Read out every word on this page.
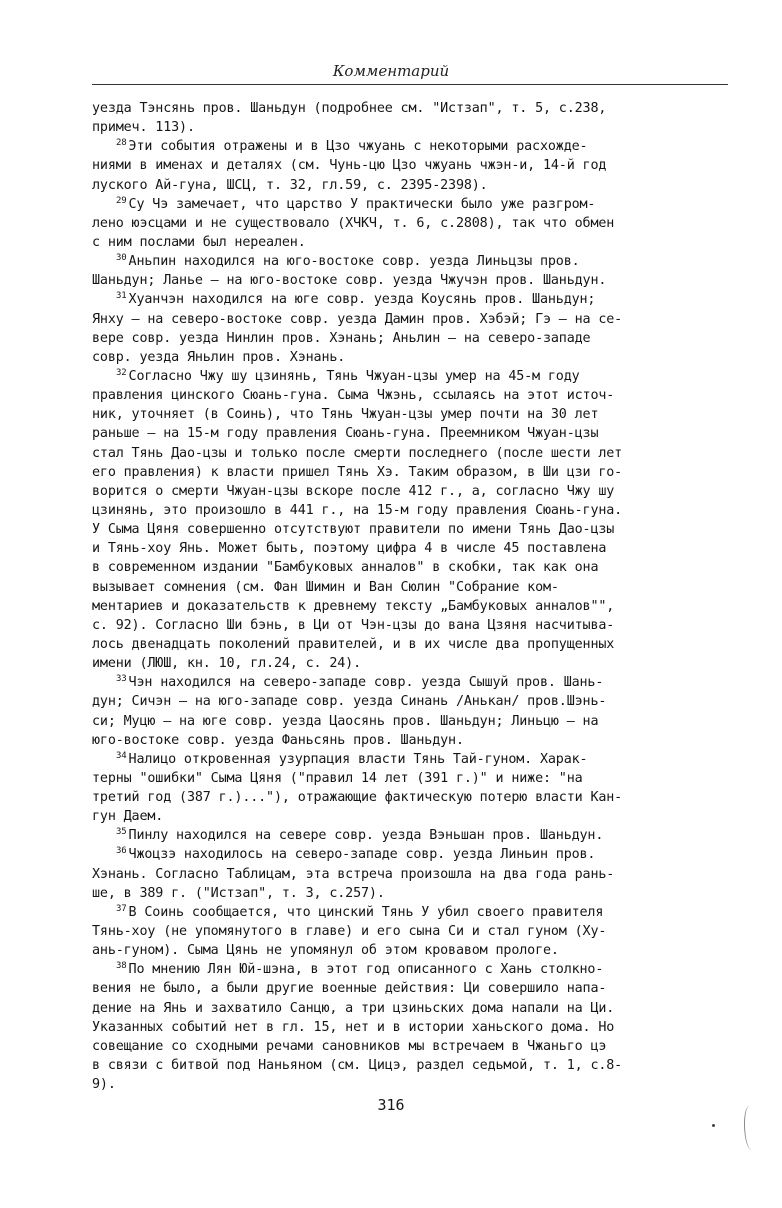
Комментарий
уезда Тэнсянь пров. Шаньдун (подробнее см. "Истзап", т. 5, с.238,
примеч. 113).
$^{28}$ Эти события отражены и в Цзо чжуань с некоторыми расхожде-
ниями в именах и деталях (см. Чунь-цю Цзо чжуань чжэн-и, 14-й год
луского Ай-гуна, ШСЦ, т. 32, гл.59, с. 2395-2398).
$^{29}$ Су Чэ замечает, что царство У практически было уже разгром-
лено юэсцами и не существовало (ХЧКЧ, т. 6, с.2808), так что обмен
с ним послами был нереален.
$^{30}$ Аньпин находился на юго-востоке совр. уезда Линьцзы пров.
Шаньдун; Ланье — на юго-востоке совр. уезда Чжучэн пров. Шаньдун.
$^{31}$ Хуанчэн находился на юге совр. уезда Коусянь пров. Шаньдун;
Янху — на северо-востоке совр. уезда Дамин пров. Хэбэй; Гэ — на се-
вере совр. уезда Нинлин пров. Хэнань; Аньлин — на северо-западе
совр. уезда Яньлин пров. Хэнань.
$^{32}$ Согласно Чжу шу цзинянь, Тянь Чжуан-цзы умер на 45-м году
правления цинского Сюань-гуна. Сыма Чжэнь, ссылаясь на этот источ-
ник, уточняет (в Соинь), что Тянь Чжуан-цзы умер почти на 30 лет
раньше — на 15-м году правления Сюань-гуна. Преемником Чжуан-цзы
стал Тянь Дао-цзы и только после смерти последнего (после шести лет
его правления) к власти пришел Тянь Хэ. Таким образом, в Ши цзи го-
ворится о смерти Чжуан-цзы вскоре после 412 г., а, согласно Чжу шу
цзинянь, это произошло в 441 г., на 15-м году правления Сюань-гуна.
У Сыма Цяня совершенно отсутствуют правители по имени Тянь Дао-цзы
и Тянь-хоу Янь. Может быть, поэтому цифра 4 в числе 45 поставлена
в современном издании "Бамбуковых анналов" в скобки, так как она
вызывает сомнения (см. Фан Шимин и Ван Сюлин "Собрание ком-
ментариев и доказательств к древнему тексту „Бамбуковых анналов"",
с. 92). Согласно Ши бэнь, в Ци от Чэн-цзы до вана Цзяня насчитыва-
лось двенадцать поколений правителей, и в их числе два пропущенных
имени (ЛЮШ, кн. 10, гл.24, с. 24).
$^{33}$ Чэн находился на северо-западе совр. уезда Сышуй пров. Шань-
дун; Сичэн — на юго-западе совр. уезда Синань /Анькан/ пров.Шэнь-
си; Муцю — на юге совр. уезда Цаосянь пров. Шаньдун; Линьцю — на
юго-востоке совр. уезда Фаньсянь пров. Шаньдун.
$^{34}$ Налицо откровенная узурпация власти Тянь Тай-гуном. Харак-
терны "ошибки" Сыма Цяня ("правил 14 лет (391 г.)" и ниже: "на
третий год (387 г.)..."), отражающие фактическую потерю власти Кан-
гун Даем.
$^{35}$ Пинлу находился на севере совр. уезда Вэньшан пров. Шаньдун.
$^{36}$ Чжоцзэ находилось на северо-западе совр. уезда Линьин пров.
Хэнань. Согласно Таблицам, эта встреча произошла на два года рань-
ше, в 389 г. ("Истзап", т. 3, с.257).
$^{37}$ В Соинь сообщается, что цинский Тянь У убил своего правителя
Тянь-хоу (не упомянутого в главе) и его сына Си и стал гуном (Ху-
ань-гуном). Сыма Цянь не упомянул об этом кровавом прологе.
$^{38}$ По мнению Лян Юй-шэна, в этот год описанного с Хань столкно-
вения не было, а были другие военные действия: Ци совершило напа-
дение на Янь и захватило Санцю, а три цзиньских дома напали на Ци.
Указанных событий нет в гл. 15, нет и в истории ханьского дома. Но
совещание со сходными речами сановников мы встречаем в Чжаньго цэ
в связи с битвой под Наньяном (см. Цицэ, раздел седьмой, т. 1, с.8-
9).
316
